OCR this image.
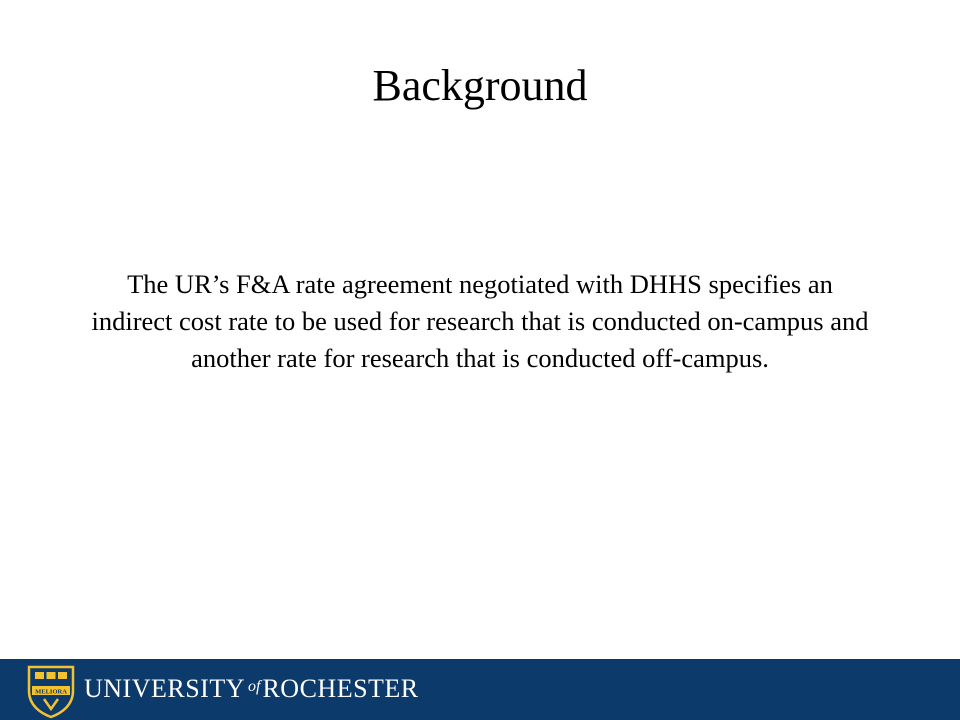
Background
The UR’s F&A rate agreement negotiated with DHHS specifies an indirect cost rate to be used for research that is conducted on-campus and another rate for research that is conducted off-campus.
MELIORA UNIVERSITY of ROCHESTER
